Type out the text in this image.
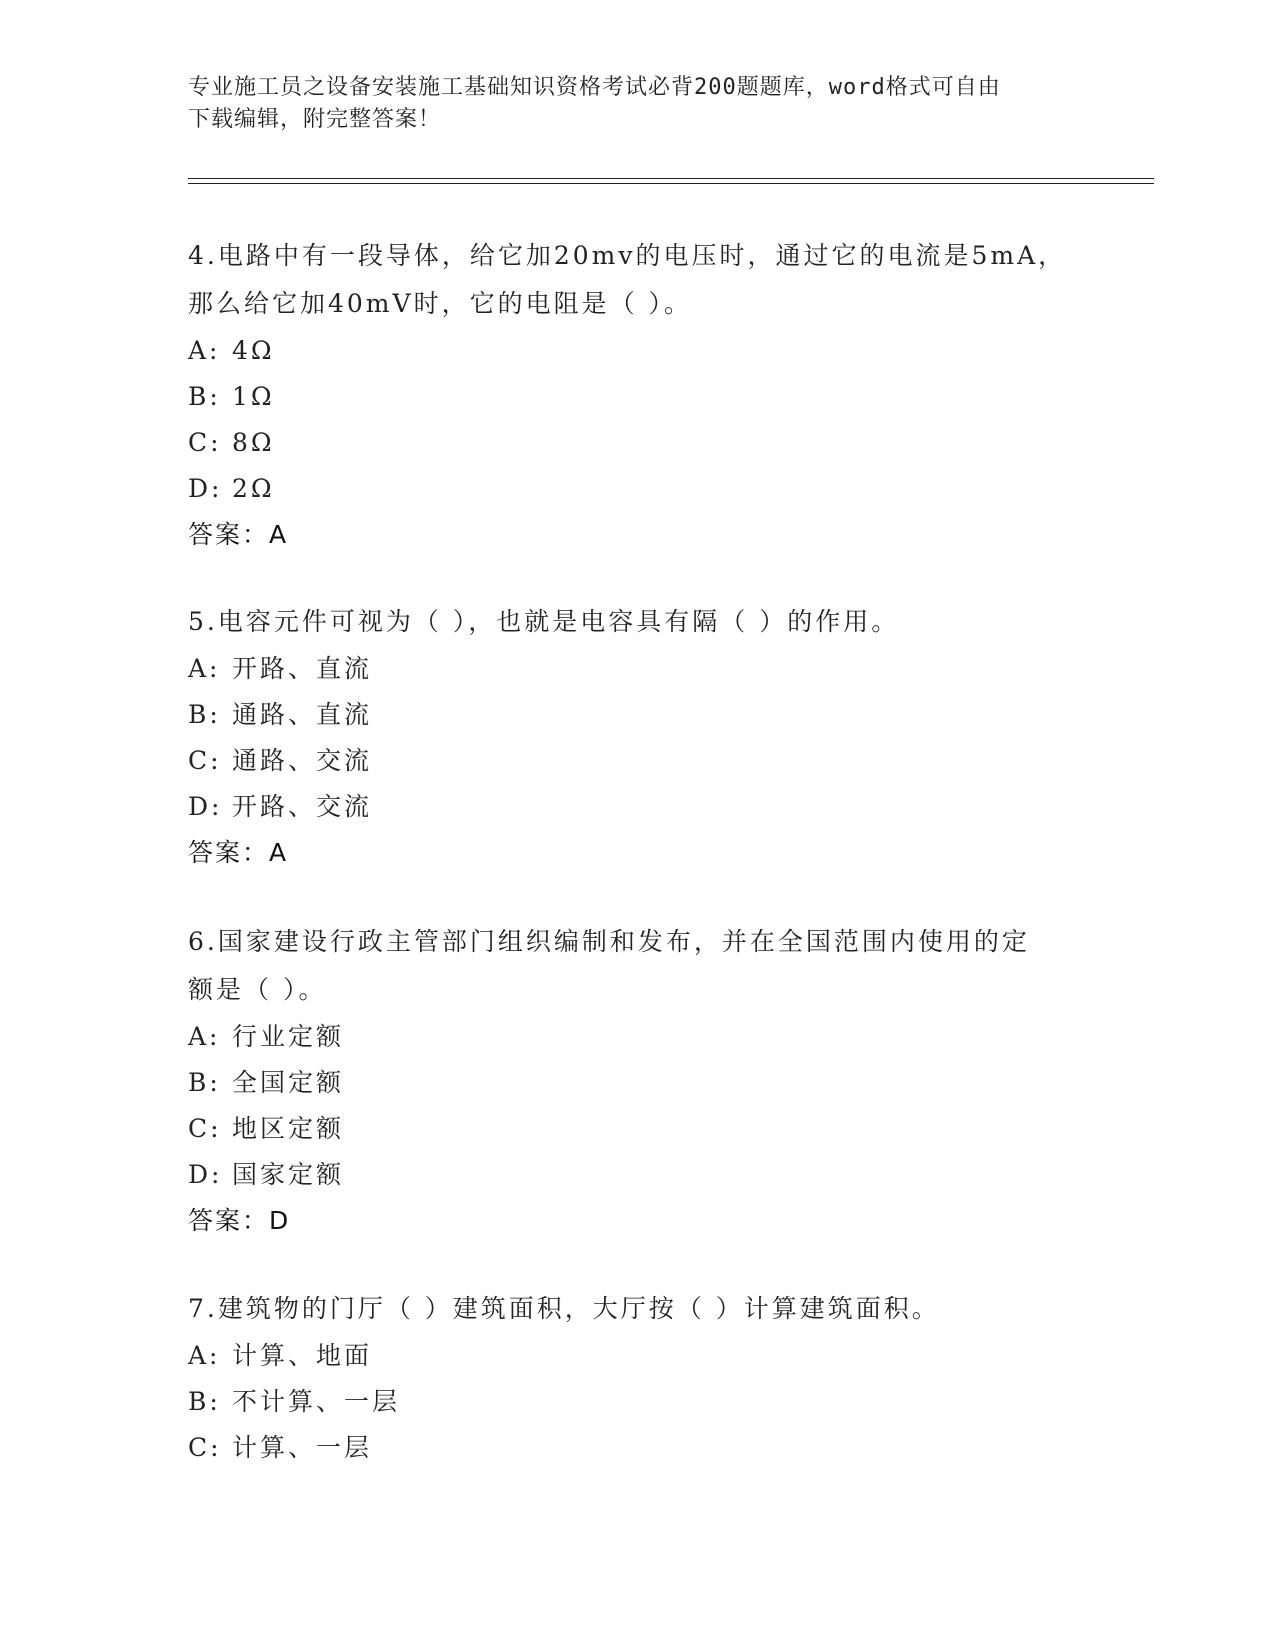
专业施工员之设备安装施工基础知识资格考试必背200题题库，word格式可自由
下载编辑，附完整答案！
4.电路中有一段导体，给它加20mv的电压时，通过它的电流是5mA，
那么给它加40mV时，它的电阻是（ ）。
A: 4Ω
B: 1Ω
C: 8Ω
D: 2Ω
答案：A
5.电容元件可视为（ ），也就是电容具有隔（ ）的作用。
A: 开路、直流
B: 通路、直流
C: 通路、交流
D: 开路、交流
答案：A
6.国家建设行政主管部门组织编制和发布，并在全国范围内使用的定
额是（ ）。
A: 行业定额
B: 全国定额
C: 地区定额
D: 国家定额
答案：D
7.建筑物的门厅（ ）建筑面积，大厅按（ ）计算建筑面积。
A: 计算、地面
B: 不计算、一层
C: 计算、一层
